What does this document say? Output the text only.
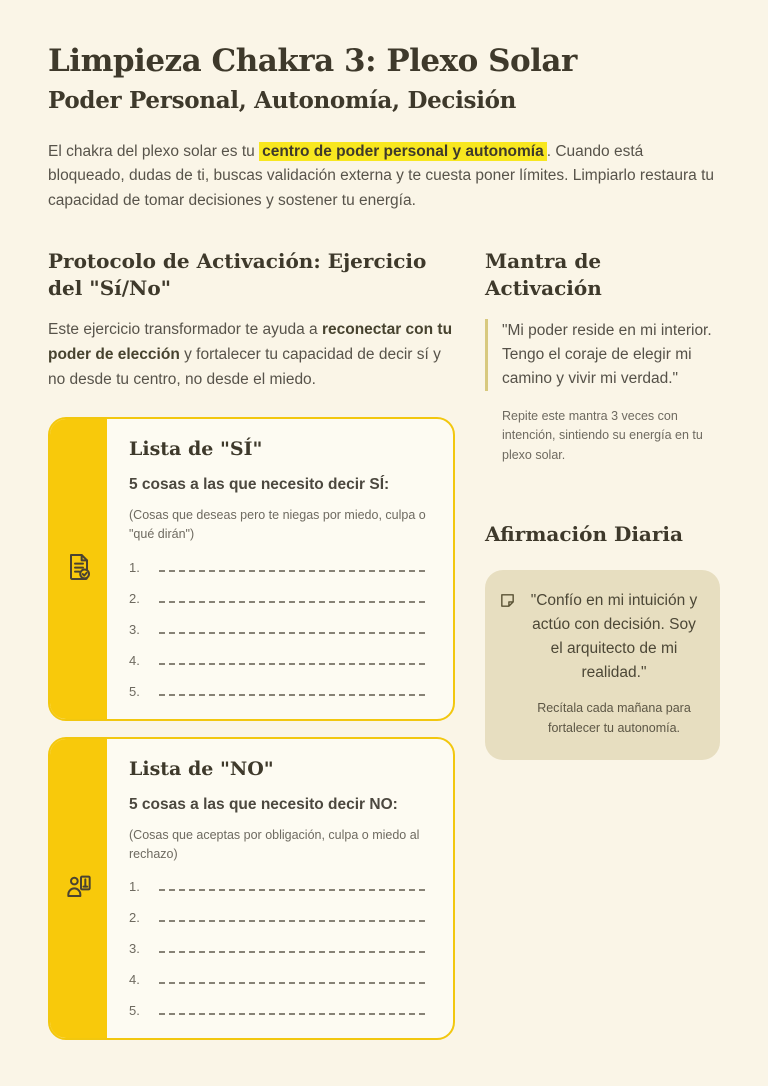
Limpieza Chakra 3: Plexo Solar
Poder Personal, Autonomía, Decisión

El chakra del plexo solar es tu centro de poder personal y autonomía . Cuando está bloqueado, dudas de ti, buscas validación externa y te cuesta poner límites. Limpiarlo restaura tu capacidad de tomar decisiones y sostener tu energía.

Protocolo de Activación: Ejercicio del "Sí/No"

Este ejercicio transformador te ayuda a reconectar con tu poder de elección y fortalecer tu capacidad de decir sí y no desde tu centro, no desde el miedo.

Lista de "SÍ"
5 cosas a las que necesito decir SÍ:
(Cosas que deseas pero te niegas por miedo, culpa o "qué dirán")
1.
2.
3.
4.
5.
Lista de "NO"
5 cosas a las que necesito decir NO:
(Cosas que aceptas por obligación, culpa o miedo al rechazo)
1.
2.
3.
4.
5.
Mantra de Activación
"Mi poder reside en mi interior. Tengo el coraje de elegir mi camino y vivir mi verdad."

Repite este mantra 3 veces con intención, sintiendo su energía en tu plexo solar.

Afirmación Diaria
"Confío en mi intuición y actúo con decisión. Soy el arquitecto de mi realidad."
Recítala cada mañana para fortalecer tu autonomía.
